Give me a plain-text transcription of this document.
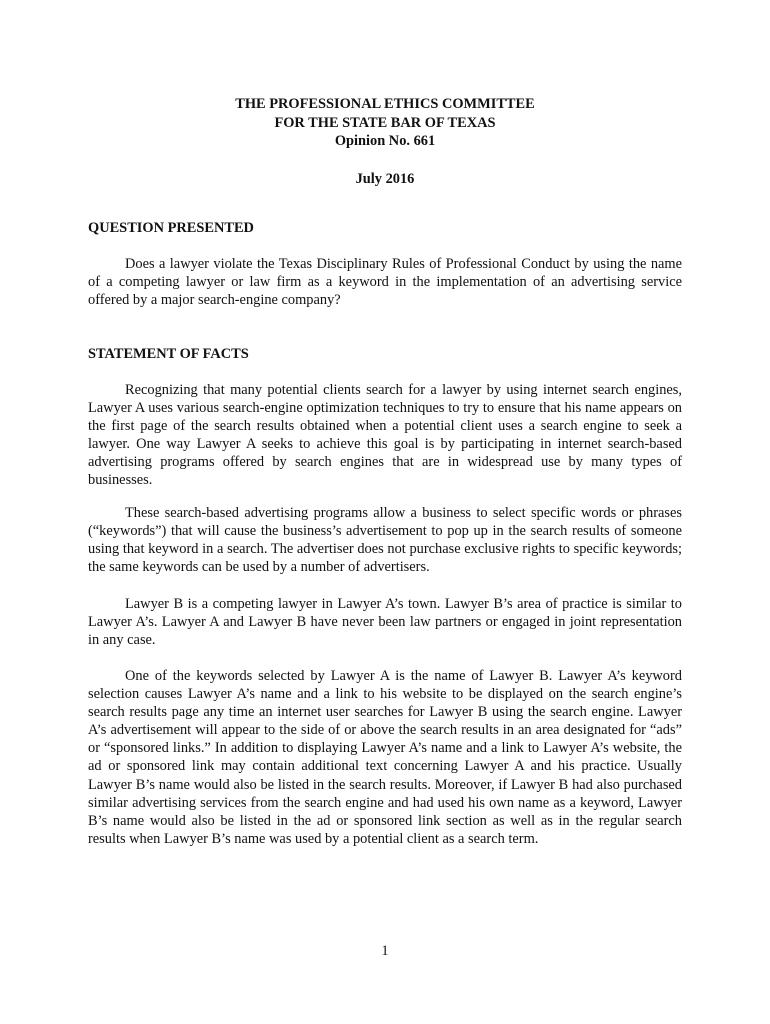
THE PROFESSIONAL ETHICS COMMITTEE
FOR THE STATE BAR OF TEXAS
Opinion No. 661
July 2016
QUESTION PRESENTED

Does a lawyer violate the Texas Disciplinary Rules of Professional Conduct by using the name of a competing lawyer or law firm as a keyword in the implementation of an advertising service offered by a major search-engine company?

STATEMENT OF FACTS

Recognizing that many potential clients search for a lawyer by using internet search engines, Lawyer A uses various search-engine optimization techniques to try to ensure that his name appears on the first page of the search results obtained when a potential client uses a search engine to seek a lawyer. One way Lawyer A seeks to achieve this goal is by participating in internet search-based advertising programs offered by search engines that are in widespread use by many types of businesses.

These search-based advertising programs allow a business to select specific words or phrases (“keywords”) that will cause the business’s advertisement to pop up in the search results of someone using that keyword in a search. The advertiser does not purchase exclusive rights to specific keywords; the same keywords can be used by a number of advertisers.

Lawyer B is a competing lawyer in Lawyer A’s town. Lawyer B’s area of practice is similar to Lawyer A’s. Lawyer A and Lawyer B have never been law partners or engaged in joint representation in any case.

One of the keywords selected by Lawyer A is the name of Lawyer B. Lawyer A’s keyword selection causes Lawyer A’s name and a link to his website to be displayed on the search engine’s search results page any time an internet user searches for Lawyer B using the search engine. Lawyer A’s advertisement will appear to the side of or above the search results in an area designated for “ads” or “sponsored links.” In addition to displaying Lawyer A’s name and a link to Lawyer A’s website, the ad or sponsored link may contain additional text concerning Lawyer A and his practice. Usually Lawyer B’s name would also be listed in the search results. Moreover, if Lawyer B had also purchased similar advertising services from the search engine and had used his own name as a keyword, Lawyer B’s name would also be listed in the ad or sponsored link section as well as in the regular search results when Lawyer B’s name was used by a potential client as a search term.

1
